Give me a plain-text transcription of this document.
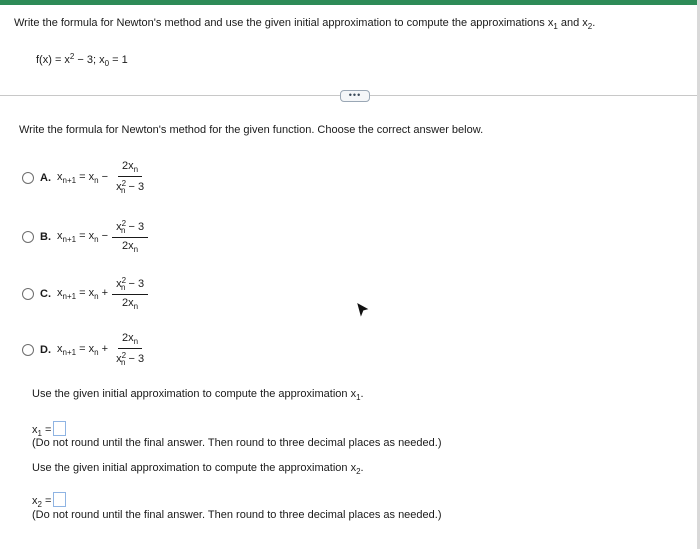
Write the formula for Newton's method and use the given initial approximation to compute the approximations $x_1$ and $x_2$.
$f(x) = x^2 - 3$; $x_0 = 1$
•••
Write the formula for Newton's method for the given function. Choose the correct answer below.
A. $x_{n+1} = x_n - \frac{2x_n}{x^2_n - 3}$
B. $x_{n+1} = x_n - \frac{x^2_n - 3}{2x_n}$
C. $x_{n+1} = x_n + \frac{x^2_n - 3}{2x_n}$
D. $x_{n+1} = x_n + \frac{2x_n}{x^2_n - 3}$
Use the given initial approximation to compute the approximation $x_1$.
$x_1$ =
(Do not round until the final answer. Then round to three decimal places as needed.)
Use the given initial approximation to compute the approximation $x_2$.
$x_2$ =
(Do not round until the final answer. Then round to three decimal places as needed.)
